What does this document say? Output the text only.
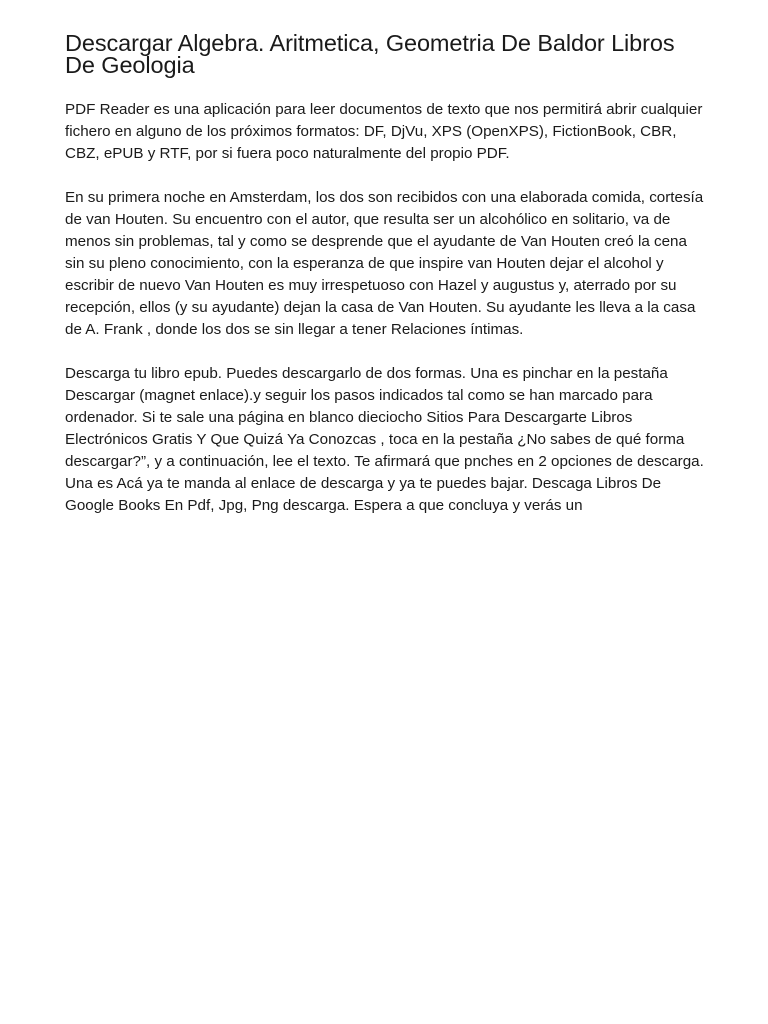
Descargar Algebra. Aritmetica, Geometria De Baldor Libros De Geologia

PDF Reader es una aplicación para leer documentos de texto que nos permitirá abrir cualquier fichero en alguno de los próximos formatos: DF, DjVu, XPS (OpenXPS), FictionBook, CBR, CBZ, ePUB y RTF, por si fuera poco naturalmente del propio PDF.

En su primera noche en Amsterdam, los dos son recibidos con una elaborada comida, cortesía de van Houten. Su encuentro con el autor, que resulta ser un alcohólico en solitario, va de menos sin problemas, tal y como se desprende que el ayudante de Van Houten creó la cena sin su pleno conocimiento, con la esperanza de que inspire van Houten dejar el alcohol y escribir de nuevo Van Houten es muy irrespetuoso con Hazel y augustus y, aterrado por su recepción, ellos (y su ayudante) dejan la casa de Van Houten. Su ayudante les lleva a la casa de A. Frank , donde los dos se sin llegar a tener Relaciones íntimas.

Descarga tu libro epub. Puedes descargarlo de dos formas. Una es pinchar en la pestaña Descargar (magnet enlace).y seguir los pasos indicados tal como se han marcado para ordenador. Si te sale una página en blanco dieciocho Sitios Para Descargarte Libros Electrónicos Gratis Y Que Quizá Ya Conozcas , toca en la pestaña ¿No sabes de qué forma descargar?”, y a continuación, lee el texto. Te afirmará que pnches en 2 opciones de descarga. Una es Acá ya te manda al enlace de descarga y ya te puedes bajar. Descaga Libros De Google Books En Pdf, Jpg, Png descarga. Espera a que concluya y verás un
